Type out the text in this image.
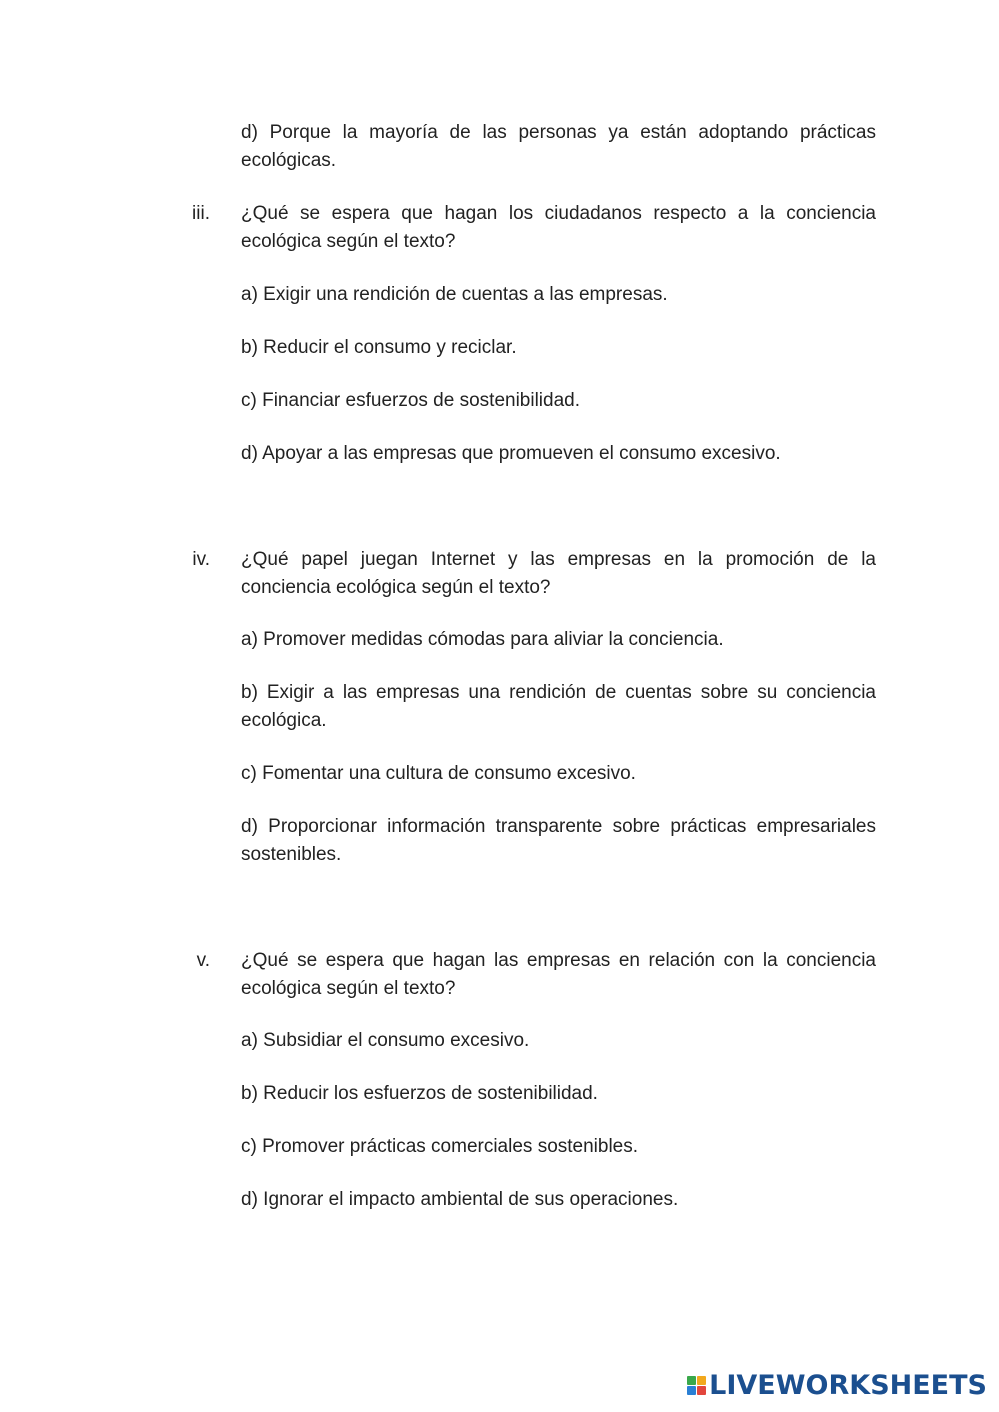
d) Porque la mayoría de las personas ya están adoptando prácticas ecológicas.

iii. ¿Qué se espera que hagan los ciudadanos respecto a la conciencia ecológica según el texto?

a) Exigir una rendición de cuentas a las empresas.

b) Reducir el consumo y reciclar.

c) Financiar esfuerzos de sostenibilidad.

d) Apoyar a las empresas que promueven el consumo excesivo.

iv. ¿Qué papel juegan Internet y las empresas en la promoción de la conciencia ecológica según el texto?

a) Promover medidas cómodas para aliviar la conciencia.

b) Exigir a las empresas una rendición de cuentas sobre su conciencia ecológica.

c) Fomentar una cultura de consumo excesivo.

d) Proporcionar información transparente sobre prácticas empresariales sostenibles.

v. ¿Qué se espera que hagan las empresas en relación con la conciencia ecológica según el texto?

a) Subsidiar el consumo excesivo.

b) Reducir los esfuerzos de sostenibilidad.

c) Promover prácticas comerciales sostenibles.

d) Ignorar el impacto ambiental de sus operaciones.

LIVEWORKSHEETS
